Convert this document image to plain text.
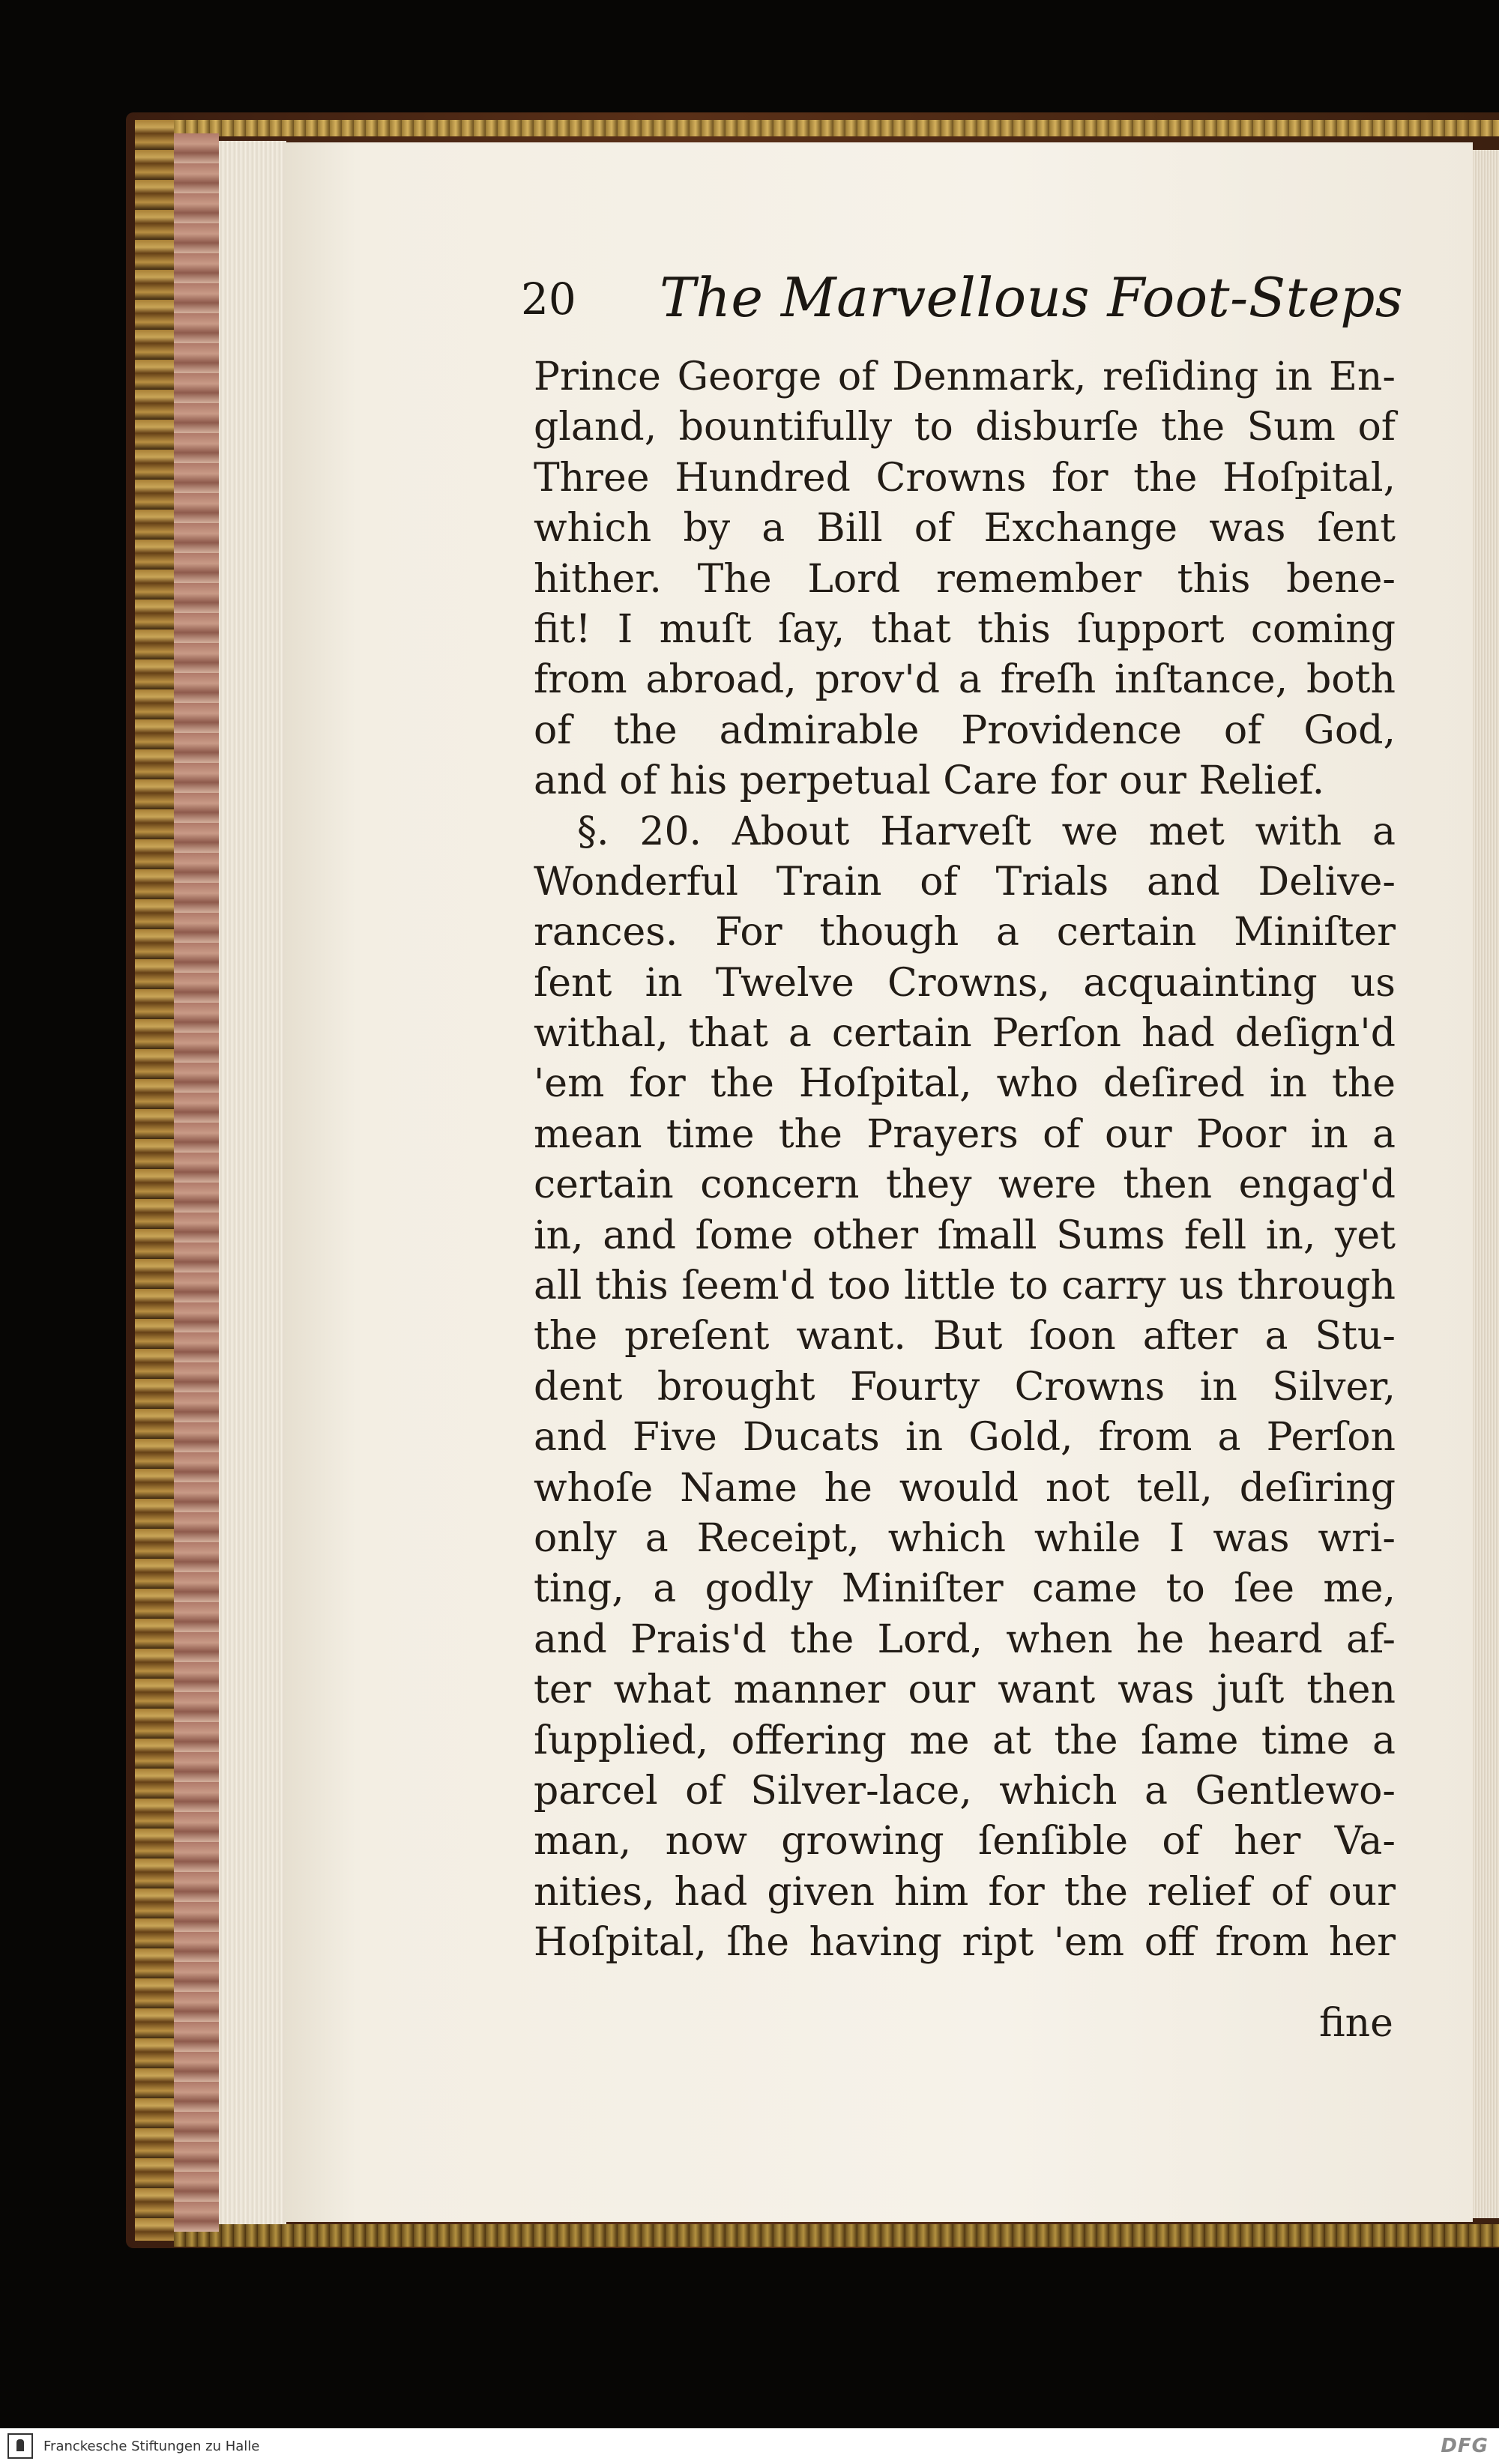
20 The Marvellous Foot-Steps
Prince George of Denmark, reſiding in En-
gland, bountifully to disburſe the Sum of
Three Hundred Crowns for the Hoſpital,
which by a Bill of Exchange was ſent
hither. The Lord remember this bene-
fit! I muſt ſay, that this ſupport coming
from abroad, prov'd a freſh inſtance, both
of the admirable Providence of God,
and of his perpetual Care for our Relief.
§. 20. About Harveſt we met with a
Wonderful Train of Trials and Delive-
rances. For though a certain Miniſter
ſent in Twelve Crowns, acquainting us
withal, that a certain Perſon had deſign'd
'em for the Hoſpital, who deſired in the
mean time the Prayers of our Poor in a
certain concern they were then engag'd
in, and ſome other ſmall Sums fell in, yet
all this ſeem'd too little to carry us through
the preſent want. But ſoon after a Stu-
dent brought Fourty Crowns in Silver,
and Five Ducats in Gold, from a Perſon
whoſe Name he would not tell, deſiring
only a Receipt, which while I was wri-
ting, a godly Miniſter came to ſee me,
and Prais'd the Lord, when he heard af-
ter what manner our want was juſt then
ſupplied, offering me at the ſame time a
parcel of Silver-lace, which a Gentlewo-
man, now growing ſenſible of her Va-
nities, had given him for the relief of our
Hoſpital, ſhe having ript 'em off from her
fine
Franckesche Stiftungen zu Halle	DFG
